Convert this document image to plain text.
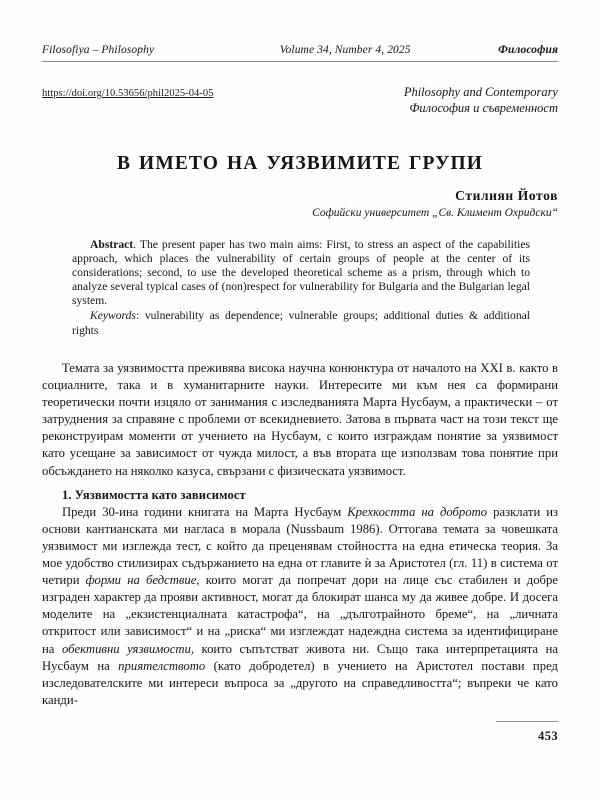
Filosofiya – Philosophy	Volume 34, Number 4, 2025	Философия
https://doi.org/10.53656/phil2025-04-05	Philosophy and Contemporary
Философия и съвременност
В ИМЕТО НА УЯЗВИМИТЕ ГРУПИ
Стилиян Йотов
Софийски университет „Св. Климент Охридски“

Abstract. The present paper has two main aims: First, to stress an aspect of the capabilities approach, which places the vulnerability of certain groups of people at the center of its considerations; second, to use the developed theoretical scheme as a prism, through which to analyze several typical cases of (non)respect for vulnerability for Bulgaria and the Bulgarian legal system.

Keywords: vulnerability as dependence; vulnerable groups; additional duties & additional rights

Темата за уязвимостта преживява висока научна конюнктура от началото на XXI в. както в социалните, така и в хуманитарните науки. Интересите ми към нея са формирани теоретически почти изцяло от занимания с изследванията Марта Нусбаум, а практически – от затруднения за справяне с проблеми от всекидневието. Затова в първата част на този текст ще реконструирам моменти от учението на Нусбаум, с които изграждам понятие за уязвимост като усещане за зависимост от чужда милост, а във втората ще използвам това понятие при обсъждането на няколко казуса, свързани с физическата уязвимост.

1. Уязвимостта като зависимост

Преди 30-ина години книгата на Марта Нусбаум Крехкостта на доброто разклати из основи кантианската ми нагласа в морала (Nussbaum 1986). Оттогава темата за човешката уязвимост ми изглежда тест, с който да преценявам стойността на една етическа теория. За мое удобство стилизирах съдържанието на една от главите ѝ за Аристотел (гл. 11) в система от четири форми на бедствие, които могат да попречат дори на лице със стабилен и добре изграден характер да прояви активност, могат да блокират шанса му да живее добре. И досега моделите на „екзистенциалната катастрофа“, на „дълготрайното бреме“, на „личната откритост или зависимост“ и на „риска“ ми изглеждат надеждна система за идентифициране на обективни уязвимости, които съпътстват живота ни. Също така интерпретацията на Нусбаум на приятелството (като добродетел) в учението на Аристотел постави пред изследователските ми интереси въпроса за „другото на справедливостта“; въпреки че като канди-

453
